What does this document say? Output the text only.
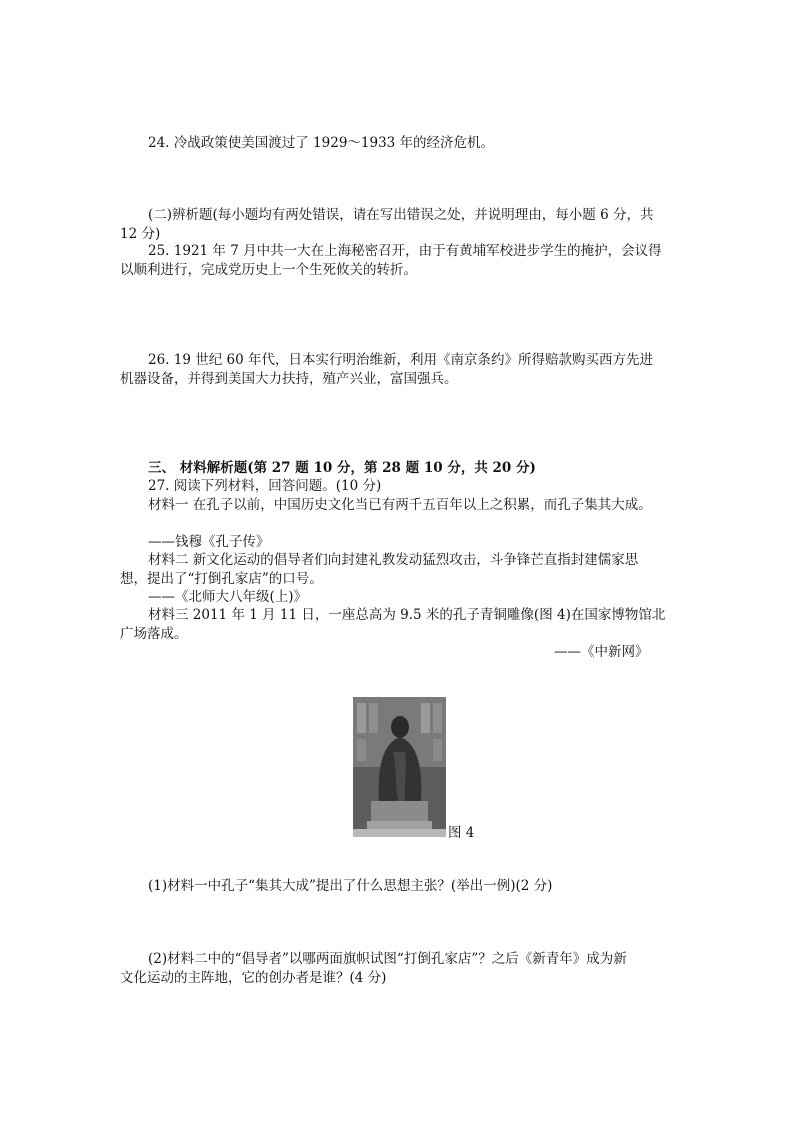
24. 冷战政策使美国渡过了 1929～1933 年的经济危机。
(二)辨析题(每小题均有两处错误，请在写出错误之处，并说明理由，每小题 6 分，共
12 分)
25. 1921 年 7 月中共一大在上海秘密召开，由于有黄埔军校进步学生的掩护，会议得
以顺利进行，完成党历史上一个生死攸关的转折。
26. 19 世纪 60 年代，日本实行明治维新，利用《南京条约》所得赔款购买西方先进
机器设备，并得到美国大力扶持，殖产兴业，富国强兵。
三、 材料解析题(第 27 题 10 分，第 28 题 10 分，共 20 分)
27. 阅读下列材料，回答问题。(10 分)
材料一 在孔子以前，中国历史文化当已有两千五百年以上之积累，而孔子集其大成。
——钱穆《孔子传》
材料二 新文化运动的倡导者们向封建礼教发动猛烈攻击，斗争锋芒直指封建儒家思
想，提出了“打倒孔家店”的口号。
——《北师大八年级(上)》
材料三 2011 年 1 月 11 日，一座总高为 9.5 米的孔子青铜雕像(图 4)在国家博物馆北
广场落成。
——《中新网》
图 4
(1)材料一中孔子“集其大成”提出了什么思想主张？(举出一例)(2 分)
(2)材料二中的“倡导者”以哪两面旗帜试图“打倒孔家店”？之后《新青年》成为新
文化运动的主阵地，它的创办者是谁？(4 分)
